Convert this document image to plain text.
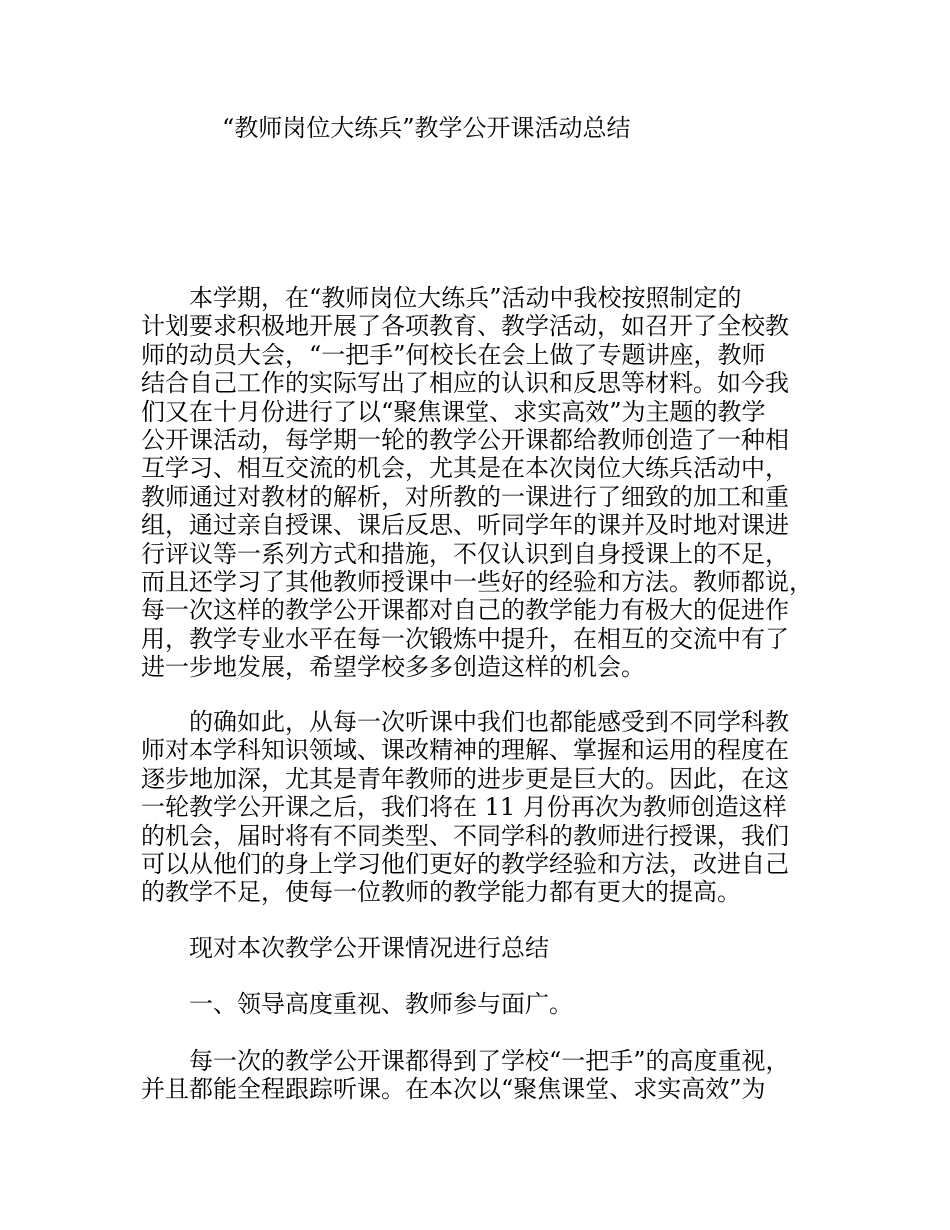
“教师岗位大练兵”教学公开课活动总结
　　本学期，在“教师岗位大练兵”活动中我校按照制定的
计划要求积极地开展了各项教育、教学活动，如召开了全校教
师的动员大会，“一把手”何校长在会上做了专题讲座，教师
结合自己工作的实际写出了相应的认识和反思等材料。如今我
们又在十月份进行了以“聚焦课堂、求实高效”为主题的教学
公开课活动，每学期一轮的教学公开课都给教师创造了一种相
互学习、相互交流的机会，尤其是在本次岗位大练兵活动中，
教师通过对教材的解析，对所教的一课进行了细致的加工和重
组，通过亲自授课、课后反思、听同学年的课并及时地对课进
行评议等一系列方式和措施，不仅认识到自身授课上的不足，
而且还学习了其他教师授课中一些好的经验和方法。教师都说，
每一次这样的教学公开课都对自己的教学能力有极大的促进作
用，教学专业水平在每一次锻炼中提升，在相互的交流中有了
进一步地发展，希望学校多多创造这样的机会。
　　的确如此，从每一次听课中我们也都能感受到不同学科教
师对本学科知识领域、课改精神的理解、掌握和运用的程度在
逐步地加深，尤其是青年教师的进步更是巨大的。因此，在这
一轮教学公开课之后，我们将在 11 月份再次为教师创造这样
的机会，届时将有不同类型、不同学科的教师进行授课，我们
可以从他们的身上学习他们更好的教学经验和方法，改进自己
的教学不足，使每一位教师的教学能力都有更大的提高。
　　现对本次教学公开课情况进行总结
　　一、领导高度重视、教师参与面广。
　　每一次的教学公开课都得到了学校“一把手”的高度重视，
并且都能全程跟踪听课。在本次以“聚焦课堂、求实高效”为
